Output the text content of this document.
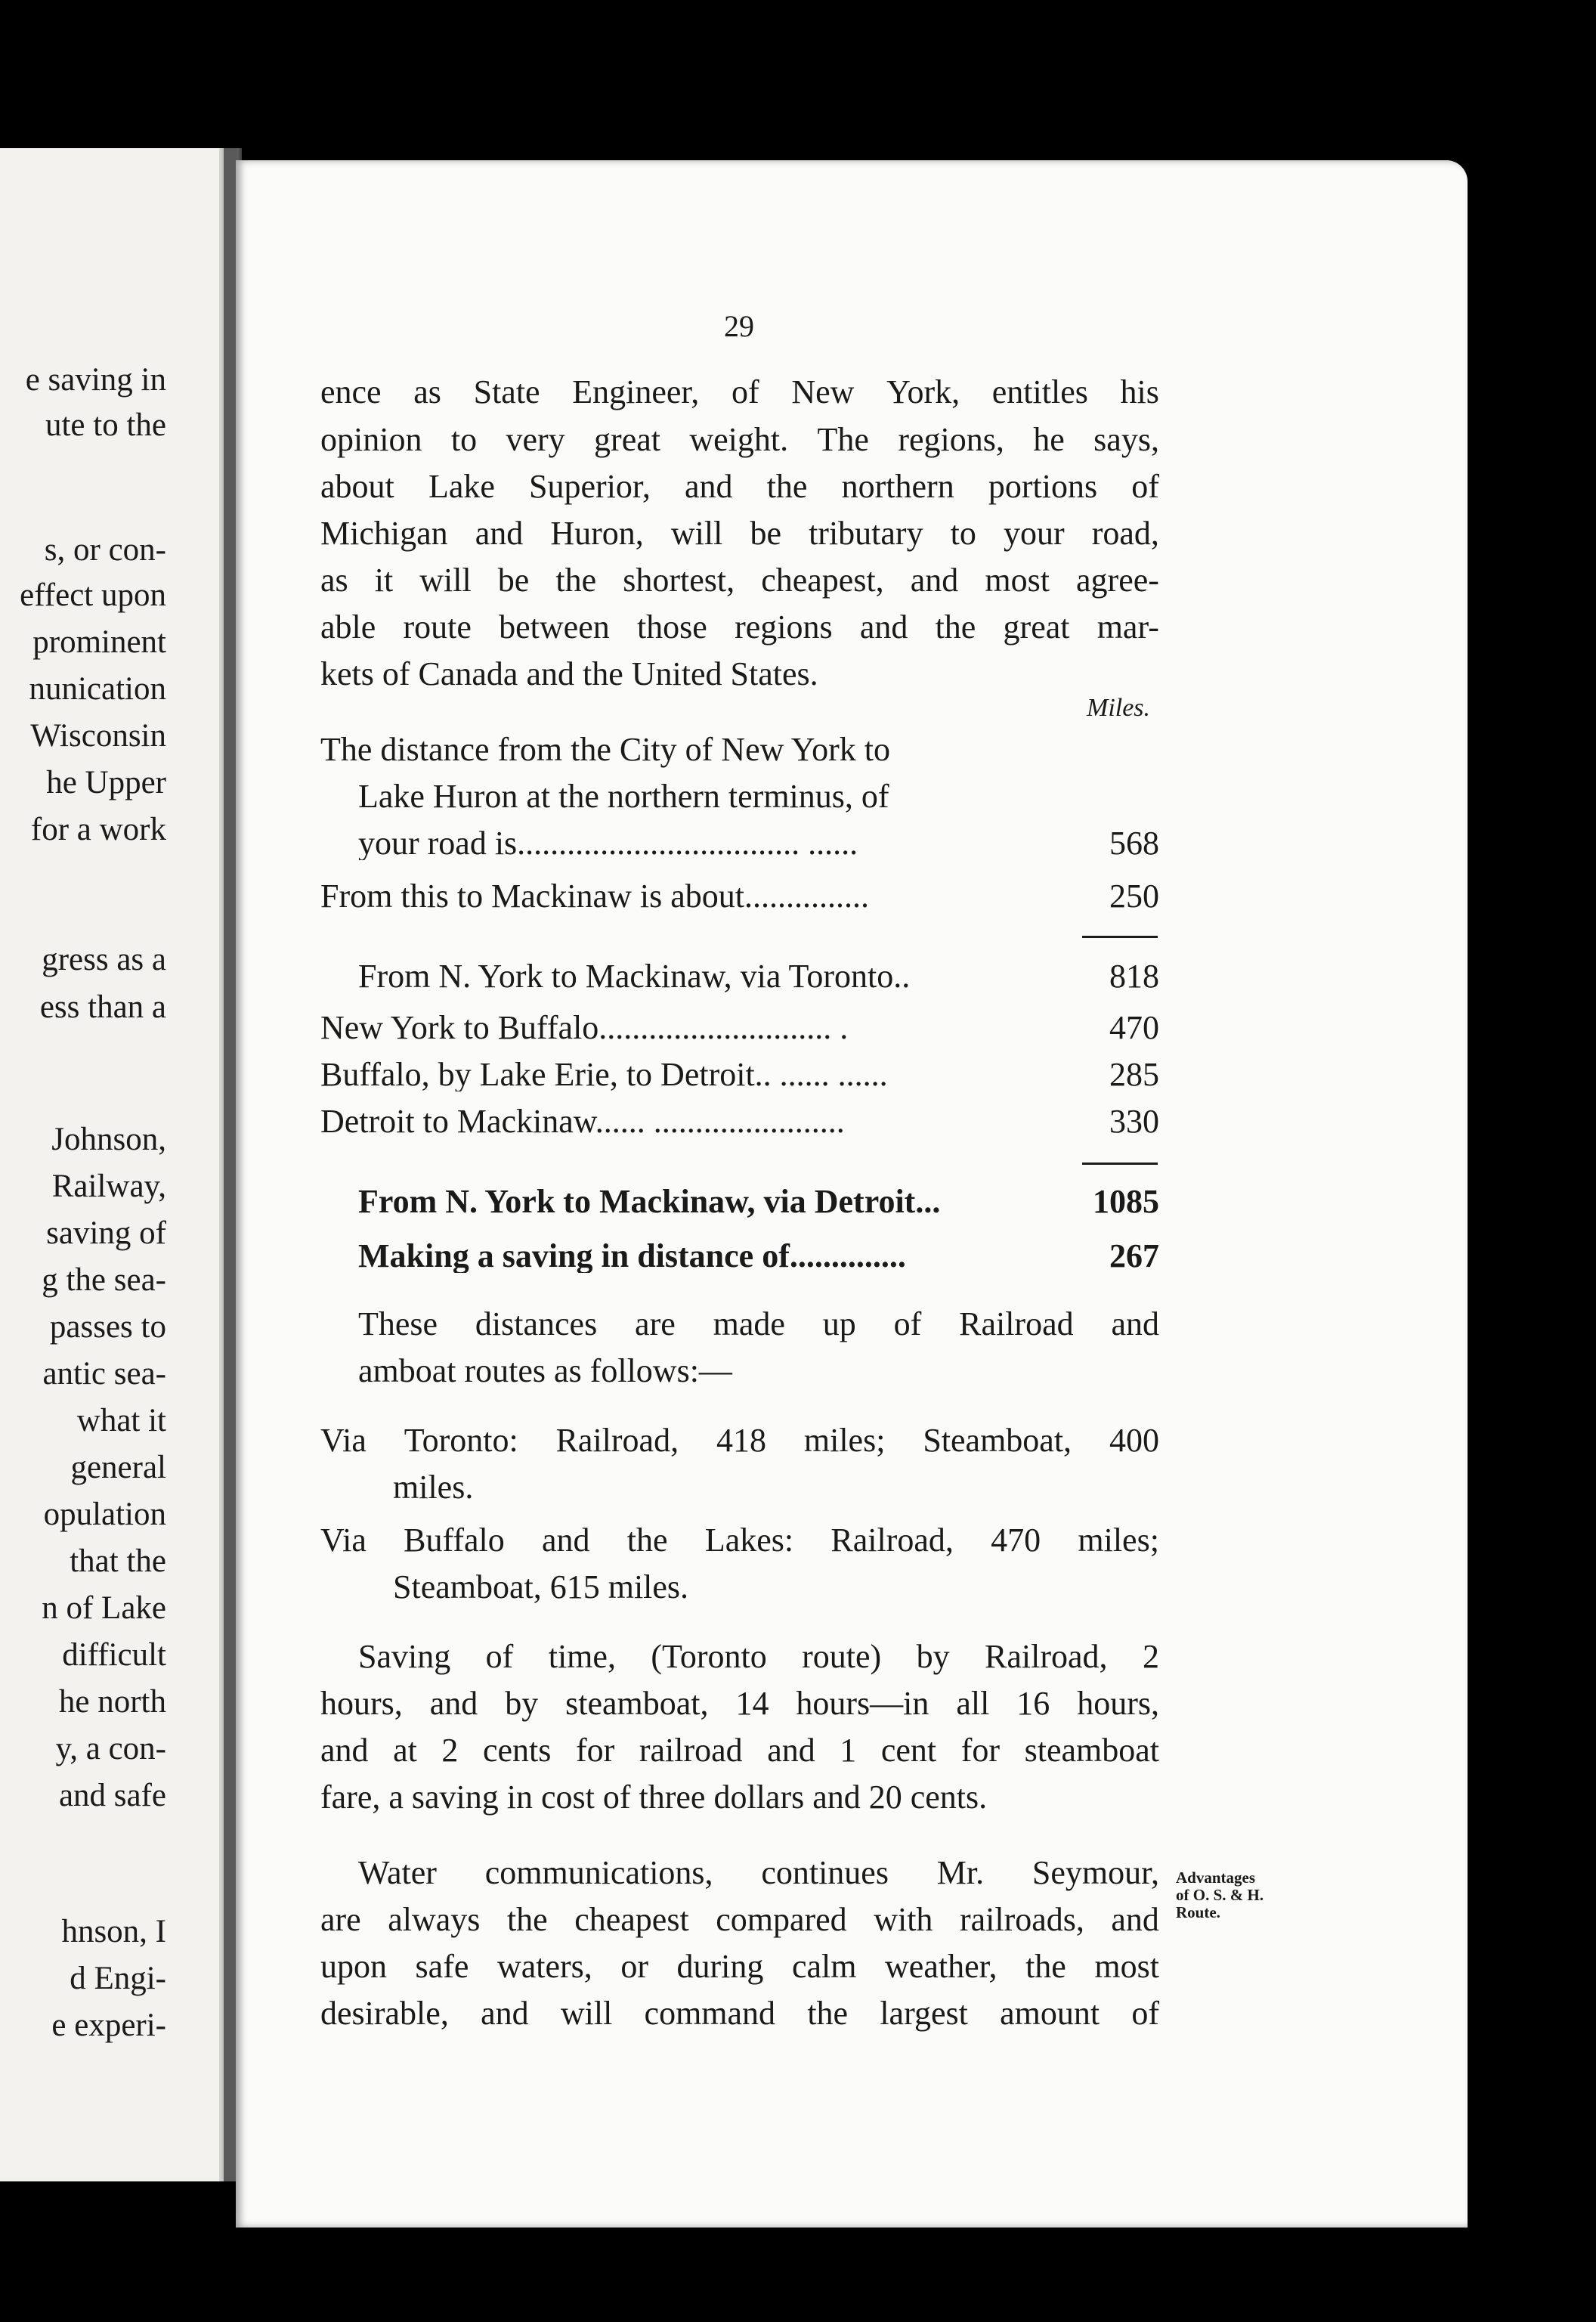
e saving in
ute to the
s, or con-
effect upon
prominent
nunication
Wisconsin
he Upper
for a work
gress as a
ess than a
Johnson,
Railway,
saving of
g the sea-
passes to
antic sea-
what it
general
opulation
that the
n of Lake
difficult
he north
y, a con-
and safe
hnson, I
d Engi-
e experi-
29
ence as State Engineer, of New York, entitles his
opinion to very great weight. The regions, he says,
about Lake Superior, and the northern portions of
Michigan and Huron, will be tributary to your road,
as it will be the shortest, cheapest, and most agree-
able route between those regions and the great mar-
kets of Canada and the United States.
Miles.
The distance from the City of New York to
Lake Huron at the northern terminus, of
your road is.................................. ......	568
From this to Mackinaw is about...............	250
From N. York to Mackinaw, via Toronto..	818
New York to Buffalo............................ .	470
Buffalo, by Lake Erie, to Detroit.. ...... ......	285
Detroit to Mackinaw...... .......................	330
From N. York to Mackinaw, via Detroit...	1085
Making a saving in distance of..............	267
These distances are made up of Railroad and
amboat routes as follows:—
Via Toronto: Railroad, 418 miles; Steamboat, 400
miles.
Via Buffalo and the Lakes: Railroad, 470 miles;
Steamboat, 615 miles.
Saving of time, (Toronto route) by Railroad, 2
hours, and by steamboat, 14 hours—in all 16 hours,
and at 2 cents for railroad and 1 cent for steamboat
fare, a saving in cost of three dollars and 20 cents.
Water communications, continues Mr. Seymour,
are always the cheapest compared with railroads, and
upon safe waters, or during calm weather, the most
desirable, and will command the largest amount of
Advantages
of O. S. & H.
Route.
